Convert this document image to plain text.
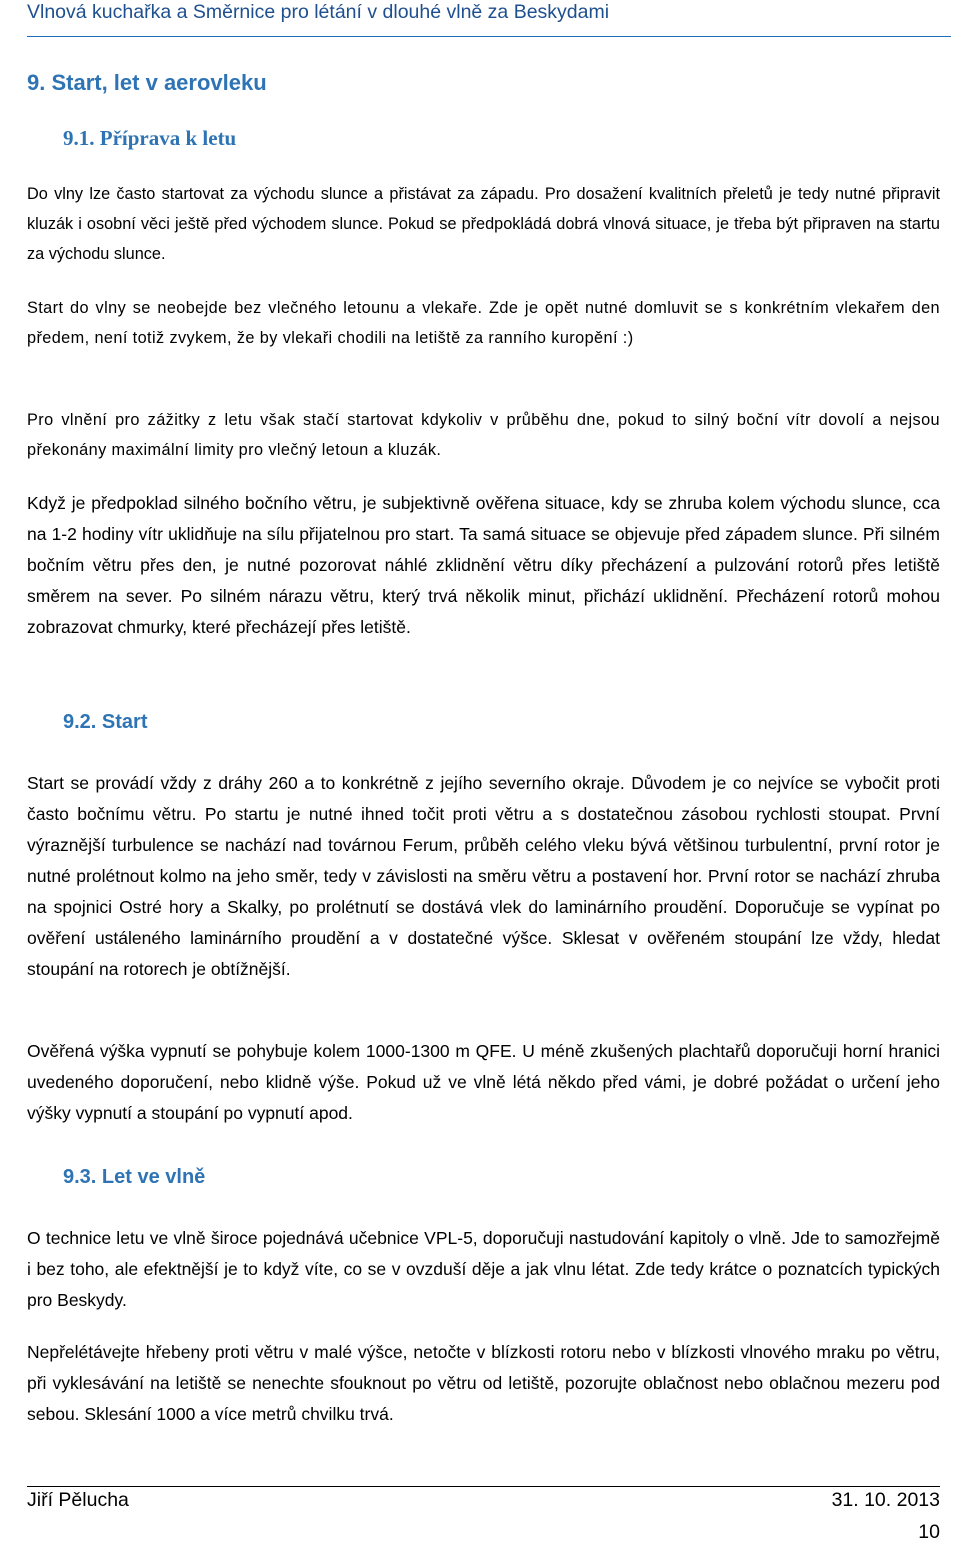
Vlnová kuchařka a Směrnice pro létání v dlouhé vlně za Beskydami
9. Start, let v aerovleku
9.1. Příprava k letu

Do vlny lze často startovat za východu slunce a přistávat za západu. Pro dosažení kvalitních přeletů je tedy nutné připravit kluzák i osobní věci ještě před východem slunce. Pokud se předpokládá dobrá vlnová situace, je třeba být připraven na startu za východu slunce.

Start do vlny se neobejde bez vlečného letounu a vlekaře. Zde je opět nutné domluvit se s konkrétním vlekařem den předem, není totiž zvykem, že by vlekaři chodili na letiště za ranního kuropění :)

Pro vlnění pro zážitky z letu však stačí startovat kdykoliv v průběhu dne, pokud to silný boční vítr dovolí a nejsou překonány maximální limity pro vlečný letoun a kluzák.

Když je předpoklad silného bočního větru, je subjektivně ověřena situace, kdy se zhruba kolem východu slunce, cca na 1-2 hodiny vítr uklidňuje na sílu přijatelnou pro start. Ta samá situace se objevuje před západem slunce. Při silném bočním větru přes den, je nutné pozorovat náhlé zklidnění větru díky přecházení a pulzování rotorů přes letiště směrem na sever. Po silném nárazu větru, který trvá několik minut, přichází uklidnění. Přecházení rotorů mohou zobrazovat chmurky, které přecházejí přes letiště.

9.2. Start

Start se provádí vždy z dráhy 260 a to konkrétně z jejího severního okraje. Důvodem je co nejvíce se vybočit proti často bočnímu větru. Po startu je nutné ihned točit proti větru a s dostatečnou zásobou rychlosti stoupat. První výraznější turbulence se nachází nad továrnou Ferum, průběh celého vleku bývá většinou turbulentní, první rotor je nutné prolétnout kolmo na jeho směr, tedy v závislosti na směru větru a postavení hor. První rotor se nachází zhruba na spojnici Ostré hory a Skalky, po prolétnutí se dostává vlek do laminárního proudění. Doporučuje se vypínat po ověření ustáleného laminárního proudění a v dostatečné výšce. Sklesat v ověřeném stoupání lze vždy, hledat stoupání na rotorech je obtížnější.

Ověřená výška vypnutí se pohybuje kolem 1000-1300 m QFE. U méně zkušených plachtařů doporučuji horní hranici uvedeného doporučení, nebo klidně výše. Pokud už ve vlně létá někdo před vámi, je dobré požádat o určení jeho výšky vypnutí a stoupání po vypnutí apod.

9.3. Let ve vlně

O technice letu ve vlně široce pojednává učebnice VPL-5, doporučuji nastudování kapitoly o vlně. Jde to samozřejmě i bez toho, ale efektnější je to když víte, co se v ovzduší děje a jak vlnu létat. Zde tedy krátce o poznatcích typických pro Beskydy.

Nepřelétávejte hřebeny proti větru v malé výšce, netočte v blízkosti rotoru nebo v blízkosti vlnového mraku po větru, při vyklesávání na letiště se nenechte sfouknout po větru od letiště, pozorujte oblačnost nebo oblačnou mezeru pod sebou. Sklesání 1000 a více metrů chvilku trvá.

Jiří Pělucha	31. 10. 2013
10
